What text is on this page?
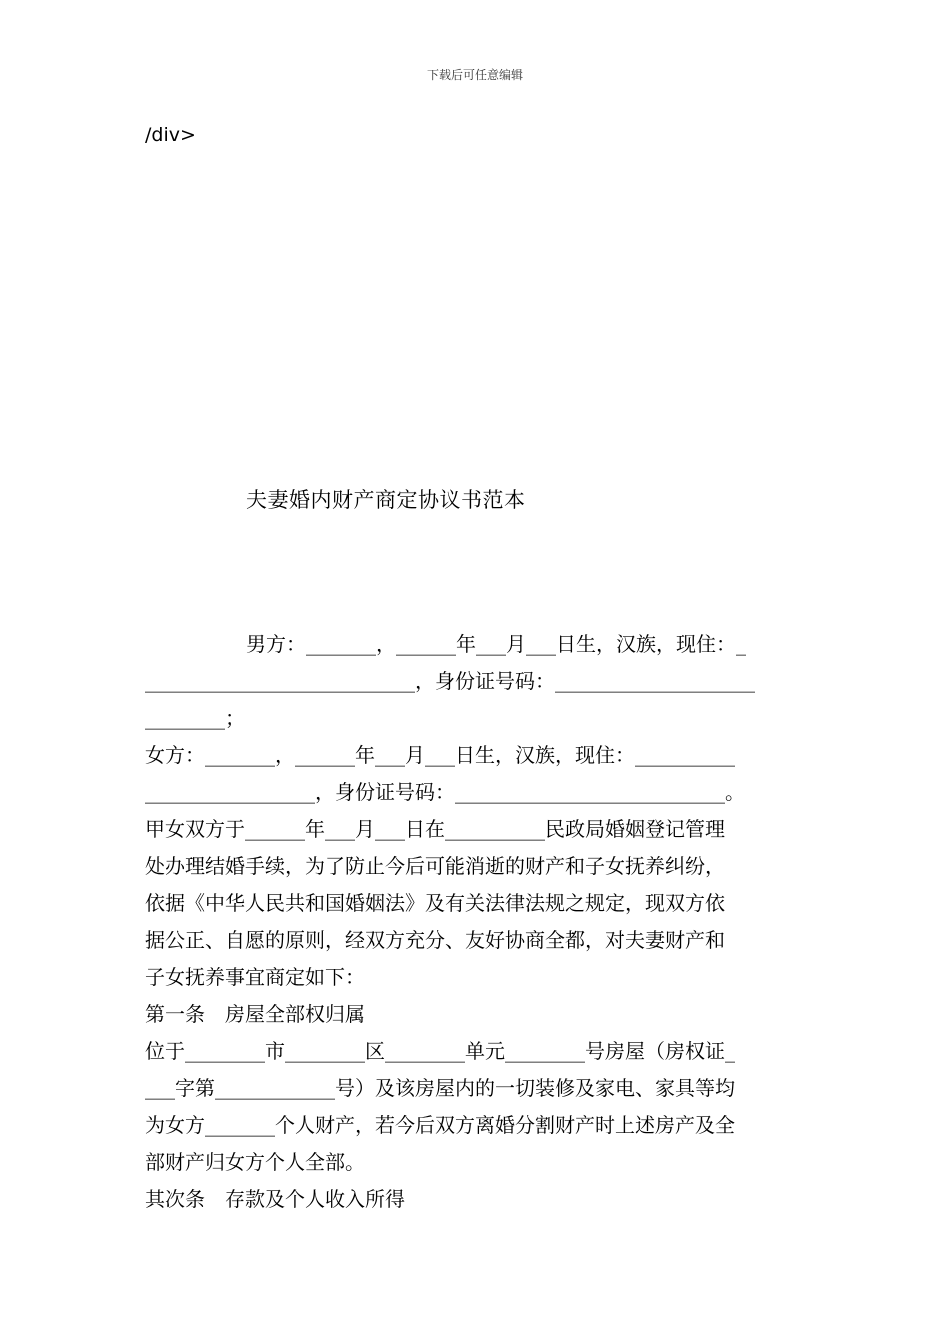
下载后可任意编辑
/div>
夫妻婚内财产商定协议书范本
男方：_______，______年___月___日生，汉族，现住：_
___________________________，身份证号码：____________________
________；
女方：_______，______年___月___日生，汉族，现住：__________
_________________，身份证号码：___________________________。
甲女双方于______年___月___日在__________民政局婚姻登记管理
处办理结婚手续，为了防止今后可能消逝的财产和子女抚养纠纷，
依据《中华人民共和国婚姻法》及有关法律法规之规定，现双方依
据公正、自愿的原则，经双方充分、友好协商全都，对夫妻财产和
子女抚养事宜商定如下：
第一条　房屋全部权归属
位于________市________区________单元________号房屋（房权证_
___字第____________号）及该房屋内的一切装修及家电、家具等均
为女方_______个人财产，若今后双方离婚分割财产时上述房产及全
部财产归女方个人全部。
其次条　存款及个人收入所得
